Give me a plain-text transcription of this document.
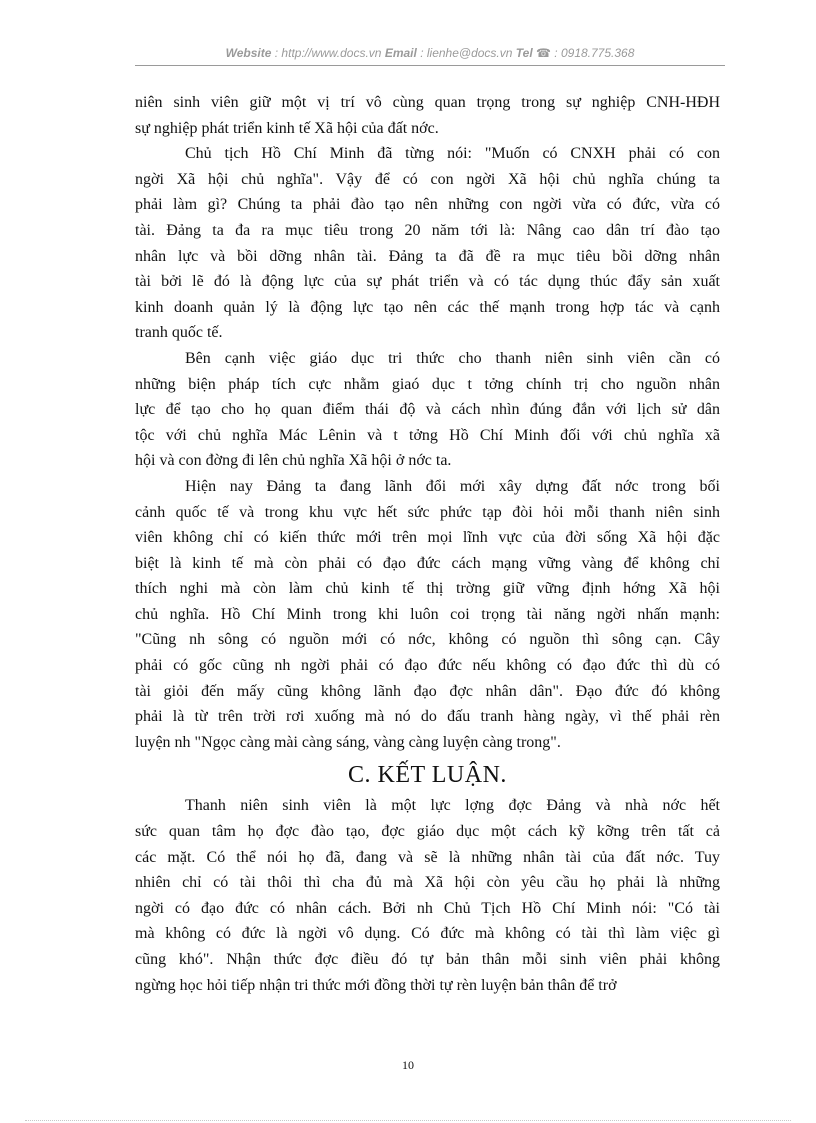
Website : http://www.docs.vn Email : lienhe@docs.vn Tel ☎ : 0918.775.368
niên sinh viên giữ một vị trí vô cùng quan trọng trong sự nghiệp CNH-HĐH
sự nghiệp phát triển kinh tế Xã hội của đất nớc.
Chủ tịch Hồ Chí Minh đã từng nói: "Muốn có CNXH phải có con
ngời Xã hội chủ nghĩa". Vậy để có con ngời Xã hội chủ nghĩa chúng ta
phải làm gì? Chúng ta phải đào tạo nên những con ngời vừa có đức, vừa có
tài. Đảng ta đa ra mục tiêu trong 20 năm tới là: Nâng cao dân trí đào tạo
nhân lực và bồi dỡng nhân tài. Đảng ta đã đề ra mục tiêu bồi dỡng nhân
tài bởi lẽ đó là động lực của sự phát triển và có tác dụng thúc đẩy sản xuất
kinh doanh quản lý là động lực tạo nên các thế mạnh trong hợp tác và cạnh
tranh quốc tế.
Bên cạnh việc giáo dục tri thức cho thanh niên sinh viên cần có
những biện pháp tích cực nhằm giaó dục t tởng chính trị cho nguồn nhân
lực để tạo cho họ quan điểm thái độ và cách nhìn đúng đắn với lịch sử dân
tộc với chủ nghĩa Mác Lênin và t tởng Hồ Chí Minh đối với chủ nghĩa xã
hội và con đờng đi lên chủ nghĩa Xã hội ở nớc ta.
Hiện nay Đảng ta đang lãnh đổi mới xây dựng đất nớc trong bối
cảnh quốc tế và trong khu vực hết sức phức tạp đòi hỏi mỗi thanh niên sinh
viên không chỉ có kiến thức mới trên mọi lĩnh vực của đời sống Xã hội đặc
biệt là kinh tế mà còn phải có đạo đức cách mạng vững vàng để không chỉ
thích nghi mà còn làm chủ kinh tế thị trờng giữ vững định hớng Xã hội
chủ nghĩa. Hồ Chí Minh trong khi luôn coi trọng tài năng ngời nhấn mạnh:
"Cũng nh sông có nguồn mới có nớc, không có nguồn thì sông cạn. Cây
phải có gốc cũng nh ngời phải có đạo đức nếu không có đạo đức thì dù có
tài giỏi đến mấy cũng không lãnh đạo đợc nhân dân". Đạo đức đó không
phải là từ trên trời rơi xuống mà nó do đấu tranh hàng ngày, vì thế phải rèn
luyện nh "Ngọc càng mài càng sáng, vàng càng luyện càng trong".
C. KẾT LUẬN.
Thanh niên sinh viên là một lực lợng đợc Đảng và nhà nớc hết
sức quan tâm họ đợc đào tạo, đợc giáo dục một cách kỹ kỡng trên tất cả
các mặt. Có thể nói họ đã, đang và sẽ là những nhân tài của đất nớc. Tuy
nhiên chỉ có tài thôi thì cha đủ mà Xã hội còn yêu cầu họ phải là những
ngời có đạo đức có nhân cách. Bởi nh Chủ Tịch Hồ Chí Minh nói: "Có tài
mà không có đức là ngời vô dụng. Có đức mà không có tài thì làm việc gì
cũng khó". Nhận thức đợc điều đó tự bản thân mỗi sinh viên phải không
ngừng học hỏi tiếp nhận tri thức mới đồng thời tự rèn luyện bản thân để trở
10
